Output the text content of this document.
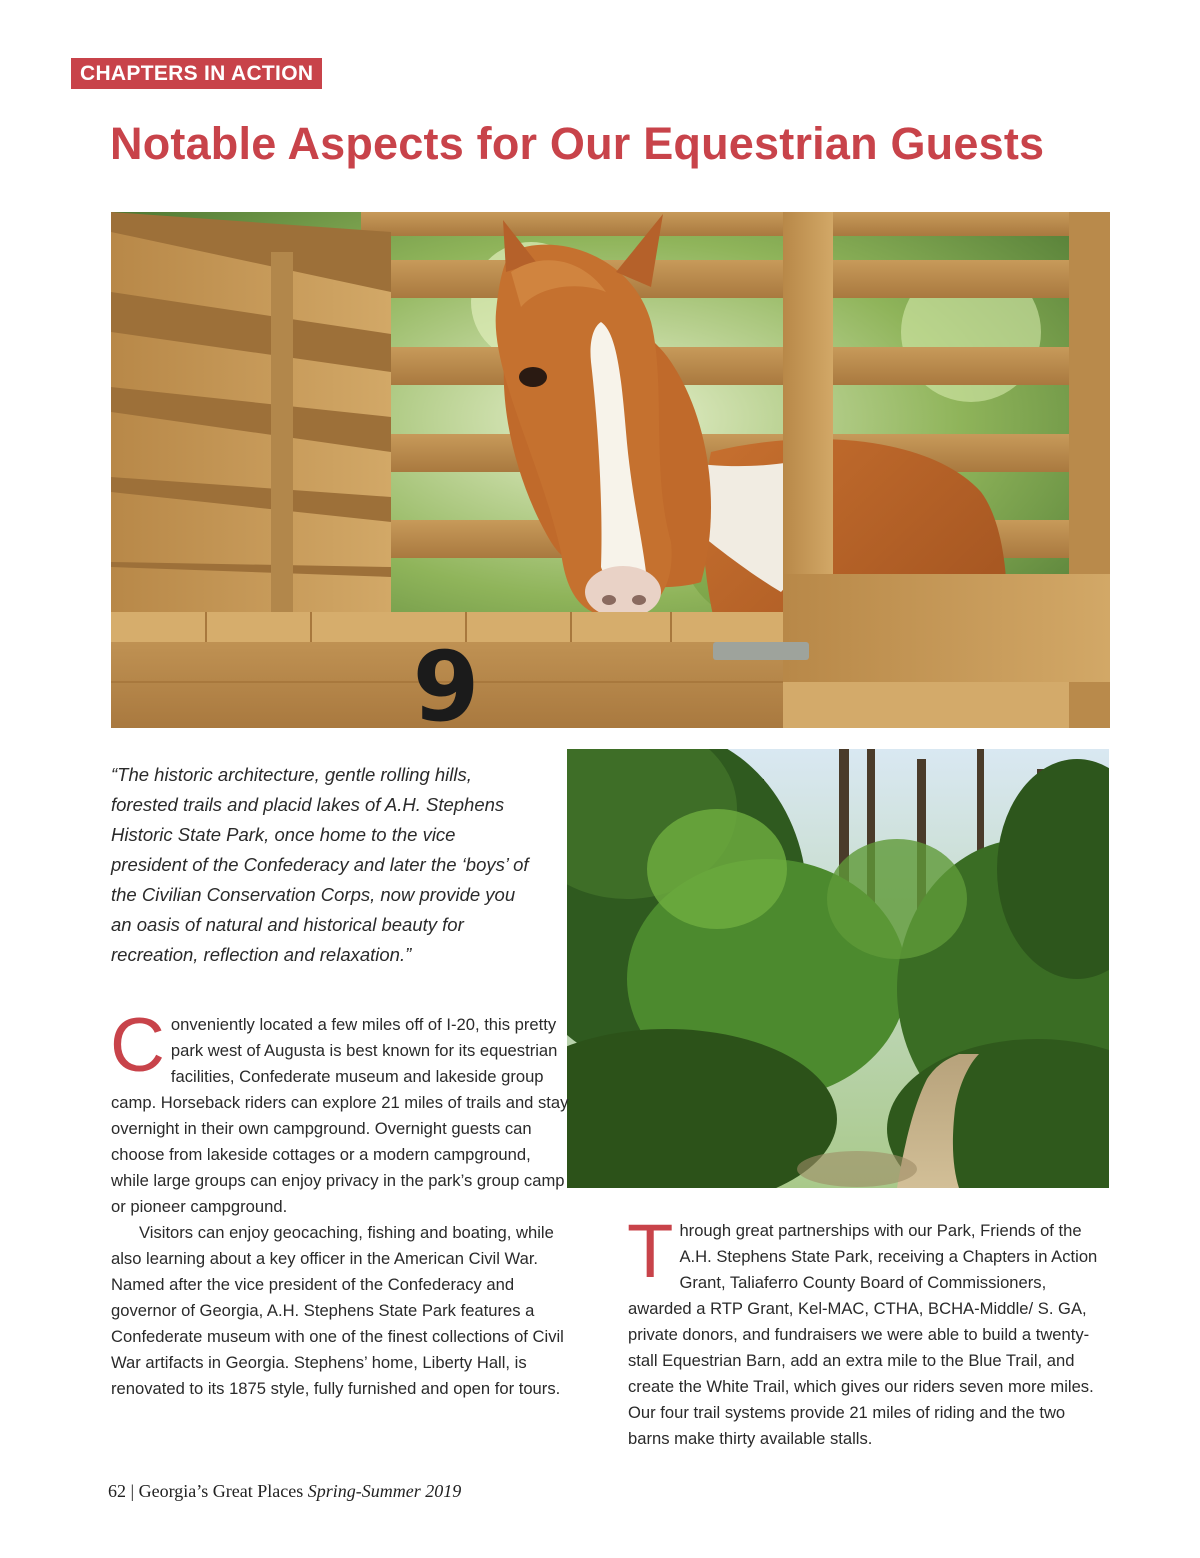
CHAPTERS IN ACTION
Notable Aspects for Our Equestrian Guests
9

“The historic architecture, gentle rolling hills, forested trails and placid lakes of A.H. Stephens Historic State Park, once home to the vice president of the Confederacy and later the ‘boys’ of the Civilian Conservation Corps, now provide you an oasis of natural and historical beauty for recreation, reflection and relaxation.”

Conveniently located a few miles off of I-20, this pretty park west of Augusta is best known for its equestrian facilities, Confederate museum and lakeside group camp. Horseback riders can explore 21 miles of trails and stay overnight in their own campground. Overnight guests can choose from lakeside cottages or a modern campground, while large groups can enjoy privacy in the park’s group camp or pioneer campground.

Visitors can enjoy geocaching, fishing and boating, while also learning about a key officer in the American Civil War. Named after the vice president of the Confederacy and governor of Georgia, A.H. Stephens State Park features a Confederate museum with one of the finest collections of Civil War artifacts in Georgia. Stephens’ home, Liberty Hall, is renovated to its 1875 style, fully furnished and open for tours.

Through great partnerships with our Park, Friends of the A.H. Stephens State Park, receiving a Chapters in Action Grant, Taliaferro County Board of Commissioners, awarded a RTP Grant, Kel-MAC, CTHA, BCHA-Middle/ S. GA, private donors, and fundraisers we were able to build a twenty-stall Equestrian Barn, add an extra mile to the Blue Trail, and create the White Trail, which gives our riders seven more miles. Our four trail systems provide 21 miles of riding and the two barns make thirty available stalls.

62 | Georgia’s Great Places Spring-Summer 2019
